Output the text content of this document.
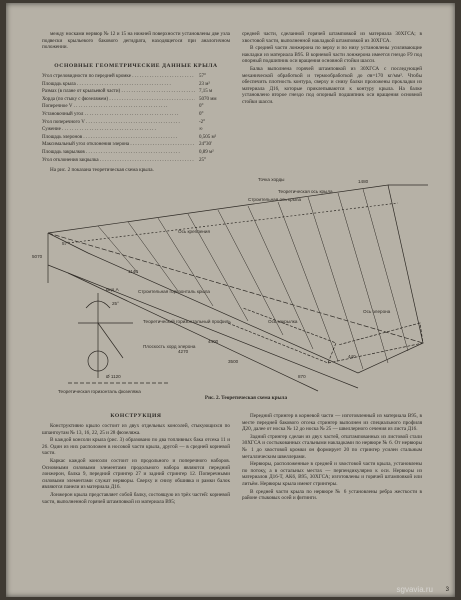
между носками нервюр № 12 и 15 на нижней поверхности установлены две узла подвески крыльевого бакового дегидрата, находящегося при аналогичном положении.

ОСНОВНЫЕ ГЕОМЕТРИЧЕСКИЕ ДАННЫЕ КРЫЛА
Угол стреловидности по передней кромке . . .	57°
Площадь крыла . . .	23 м²
Размах (в плане от крыльевой части) . . .	7,15 м
Хорда (по стыку с фюзеляжем) . . .	5070 мм
Поперечное V . . .	0°
Установочный угол . . .	0°
Угол поперечного V . . .	-2°
Сужение . . .	∞
Площадь элеронов . . .	0,505 м²
Максимальный угол отклонения элерона . . .	24°30'
Площадь закрылков . . .	0,89 м²
Угол отклонения закрылка . . .	25°

На рис. 2 показана теоретическая схема крыла.

средней части, сделанной горячей штамповкой из материала 30ХГСА; в хвостовой части, выполненной накладкой штамповкой из 30ХГСА.

В средней части лонжерона по верху и по низу установлены усиливающие накладки из материала В95. В корневой части лонжерона имеется гнездо F9 под опорный подшипник оси вращения основной стойки шасси.

Балка выполнена горячей штамповкой из 30ХГСА с последующей механической обработкой и термообработкой до σв=170 кг/мм². Чтобы обеспечить плотность контура, сверху и снизу балки проложены прокладки из материала Д16, которые приклепываются к контуру крыла. На балке установлено второе гнездо под опорный подшипник оси вращения основной стойки шасси.

Точка хорды
Теоретическая ось крыла
Строительная ось крыла
Ось крепления
Ось элерона
Ось закрылка
Строительная горизонталь крыла
Теоретический горизонтальный профиль
Плоскость хорд элерона
Теоретическая горизонталь фюзеляжа
1480
4400
4270
3500
870
440
1140
5070
Ø 1120
57°
25°
Вид А
Рис. 2. Теоретическая схема крыла
КОНСТРУКЦИЯ

Конструктивно крыло состоит из двух отдельных консолей, стыкующихся по шпангоутам № 13, 16, 22, 25 и 28 фюзеляжа.

В каждой консоли крыла (рис. 3) образовано по два топливных бака отсека 11 и 26. Один из них расположен в носовой части крыла, другой — в средней корневой части.

Каркас каждой консоли состоит из продольного и поперечного наборов. Основными силовыми элементами продольного набора являются передний лонжерон, балка 9, передний стрингер 27 и задний стрингер 12. Поперечными силовыми элементами служат нервюры. Сверху и снизу обшивка и рамки балок являются панели из материала Д16.

Лонжерон крыла представляет собой балку, состоящую из трёх частей: корневой части, выполненной горячей штамповкой из материала В95;

Передний стрингер в корневой части — изготовленный из материала В95, в месте передней бакового отсека стрингер выполнен из специального профиля Д20, далее от носка № 12 до носка № 25 — швеллерного сечения из листа Д16.

Задний стрингер сделан из двух частей, отштампованных из листовой стали 30ХГСА и состыкованных стальными накладками по нервюре № 6. От нервюры № 1 до хвостовой кромки он формирует 20 по стрингер усилен стальным металлическим швеллерами.

Нервюры, расположенные в средней и хвостовой части крыла, установлены по потоку, а в остальных местах — перпендикулярно к оси. Нервюры из материалов Д16-Т, АК6, В95, 30ХГСА; изготовлены и горячей штамповкой или литьём. Нервюры крыла имеют стрингеры.

В средней части крыла по нервюре № 6 установлены ребра жесткости в районе стыковых осей и фитинги.

sgvavia.ru 3
